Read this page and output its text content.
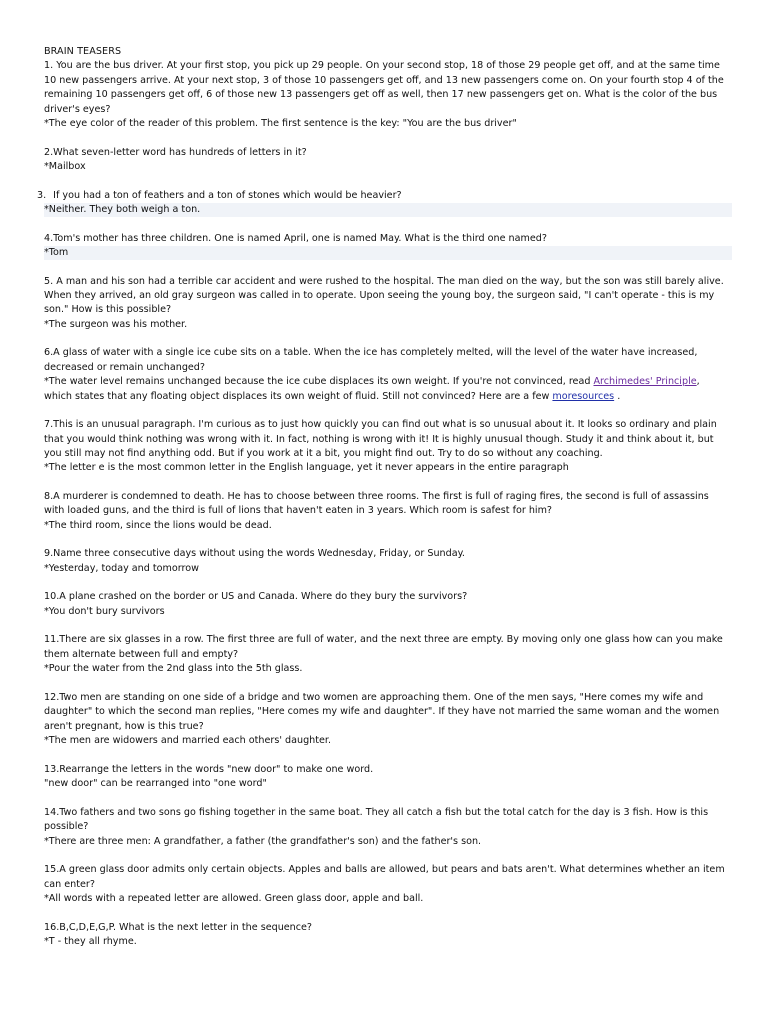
BRAIN TEASERS

1. You are the bus driver. At your first stop, you pick up 29 people. On your second stop, 18 of those 29 people get off, and at the same time 10 new passengers arrive. At your next stop, 3 of those 10 passengers get off, and 13 new passengers come on. On your fourth stop 4 of the remaining 10 passengers get off, 6 of those new 13 passengers get off as well, then 17 new passengers get on. What is the color of the bus driver's eyes?

*The eye color of the reader of this problem. The first sentence is the key: "You are the bus driver"

2.What seven-letter word has hundreds of letters in it?

*Mailbox

3. If you had a ton of feathers and a ton of stones which would be heavier?

*Neither. They both weigh a ton.

4.Tom's mother has three children. One is named April, one is named May. What is the third one named?

*Tom

5. A man and his son had a terrible car accident and were rushed to the hospital. The man died on the way, but the son was still barely alive. When they arrived, an old gray surgeon was called in to operate. Upon seeing the young boy, the surgeon said, "I can't operate - this is my son." How is this possible?

*The surgeon was his mother.

6.A glass of water with a single ice cube sits on a table. When the ice has completely melted, will the level of the water have increased, decreased or remain unchanged?

*The water level remains unchanged because the ice cube displaces its own weight. If you're not convinced, read Archimedes' Principle, which states that any floating object displaces its own weight of fluid. Still not convinced? Here are a few moresources .

7.This is an unusual paragraph. I'm curious as to just how quickly you can find out what is so unusual about it. It looks so ordinary and plain that you would think nothing was wrong with it. In fact, nothing is wrong with it! It is highly unusual though. Study it and think about it, but you still may not find anything odd. But if you work at it a bit, you might find out. Try to do so without any coaching.

*The letter e is the most common letter in the English language, yet it never appears in the entire paragraph

8.A murderer is condemned to death. He has to choose between three rooms. The first is full of raging fires, the second is full of assassins with loaded guns, and the third is full of lions that haven't eaten in 3 years. Which room is safest for him?

*The third room, since the lions would be dead.

9.Name three consecutive days without using the words Wednesday, Friday, or Sunday.

*Yesterday, today and tomorrow

10.A plane crashed on the border or US and Canada. Where do they bury the survivors?

*You don't bury survivors

11.There are six glasses in a row. The first three are full of water, and the next three are empty. By moving only one glass how can you make them alternate between full and empty?

*Pour the water from the 2nd glass into the 5th glass.

12.Two men are standing on one side of a bridge and two women are approaching them. One of the men says, "Here comes my wife and daughter" to which the second man replies, "Here comes my wife and daughter". If they have not married the same woman and the women aren't pregnant, how is this true?

*The men are widowers and married each others' daughter.

13.Rearrange the letters in the words "new door" to make one word.

"new door" can be rearranged into "one word"

14.Two fathers and two sons go fishing together in the same boat. They all catch a fish but the total catch for the day is 3 fish. How is this possible?

*There are three men: A grandfather, a father (the grandfather's son) and the father's son.

15.A green glass door admits only certain objects. Apples and balls are allowed, but pears and bats aren't. What determines whether an item can enter?

*All words with a repeated letter are allowed. Green glass door, apple and ball.

16.B,C,D,E,G,P. What is the next letter in the sequence?

*T - they all rhyme.
